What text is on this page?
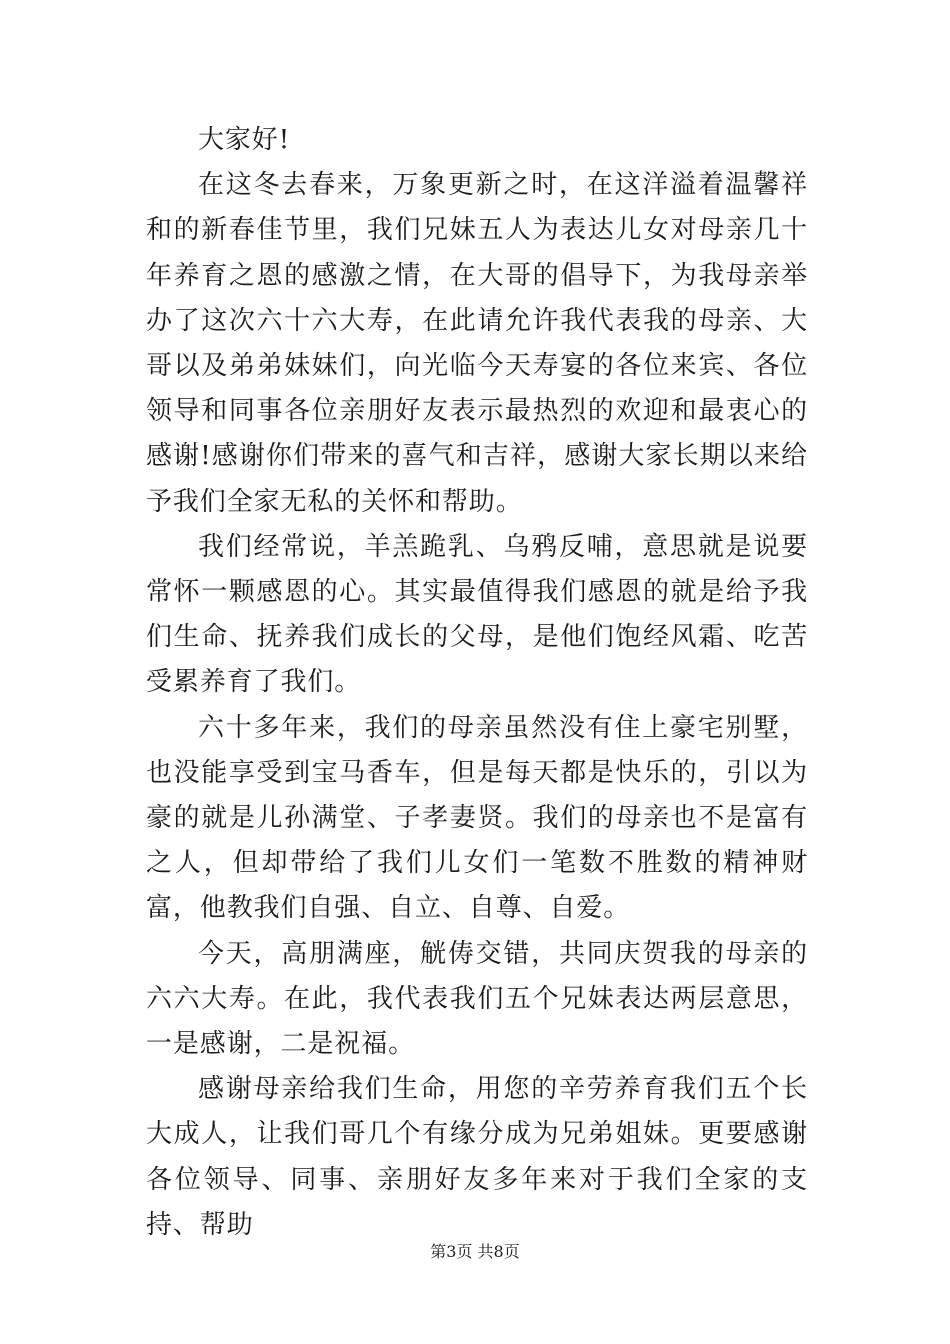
大家好!

在这冬去春来，万象更新之时，在这洋溢着温馨祥和的新春佳节里，我们兄妹五人为表达儿女对母亲几十年养育之恩的感激之情，在大哥的倡导下，为我母亲举办了这次六十六大寿，在此请允许我代表我的母亲、大哥以及弟弟妹妹们，向光临今天寿宴的各位来宾、各位领导和同事各位亲朋好友表示最热烈的欢迎和最衷心的感谢!感谢你们带来的喜气和吉祥，感谢大家长期以来给予我们全家无私的关怀和帮助。

我们经常说，羊羔跪乳、乌鸦反哺，意思就是说要常怀一颗感恩的心。其实最值得我们感恩的就是给予我们生命、抚养我们成长的父母，是他们饱经风霜、吃苦受累养育了我们。

六十多年来，我们的母亲虽然没有住上豪宅别墅，也没能享受到宝马香车，但是每天都是快乐的，引以为豪的就是儿孙满堂、子孝妻贤。我们的母亲也不是富有之人，但却带给了我们儿女们一笔数不胜数的精神财富，他教我们自强、自立、自尊、自爱。

今天，高朋满座，觥俦交错，共同庆贺我的母亲的六六大寿。在此，我代表我们五个兄妹表达两层意思，一是感谢，二是祝福。

感谢母亲给我们生命，用您的辛劳养育我们五个长大成人，让我们哥几个有缘分成为兄弟姐妹。更要感谢各位领导、同事、亲朋好友多年来对于我们全家的支持、帮助

第3页 共8页
